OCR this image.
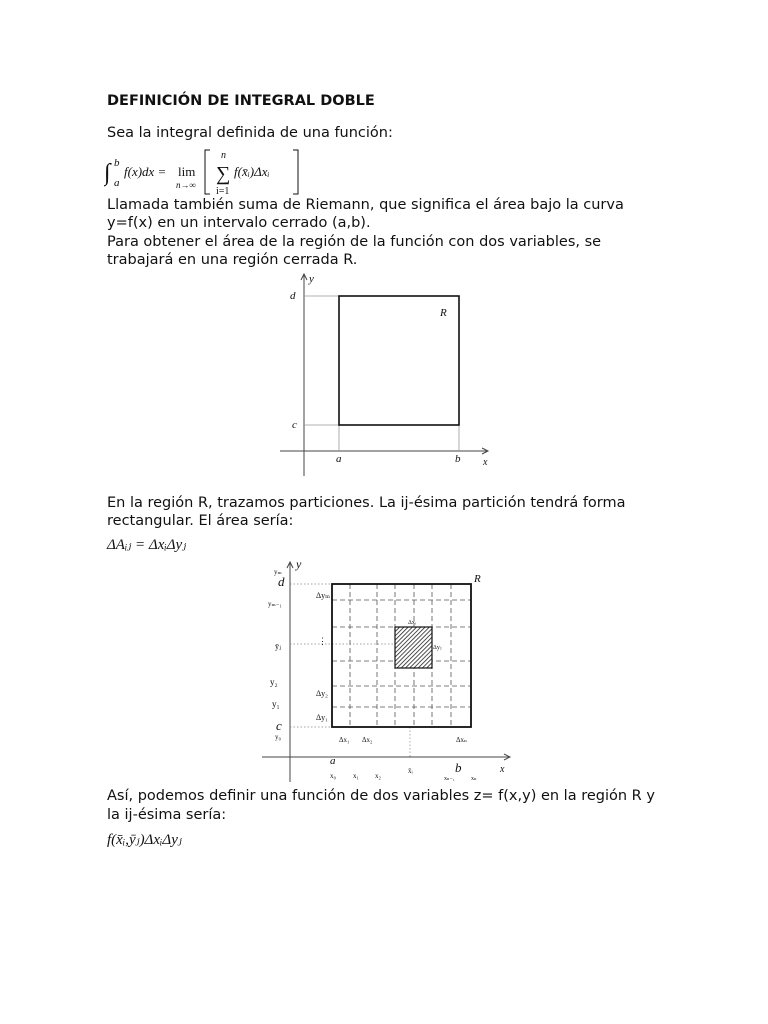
DEFINICIÓN DE INTEGRAL DOBLE
Sea la integral definida de una función:
∫ b
a
f(x)dx = lim
n→∞ ∑
n
i=1
f(x̄ᵢ)Δxᵢ
Llamada también suma de Riemann, que significa el área bajo la curva
y=f(x) en un intervalo cerrado (a,b).
Para obtener el área de la región de la función con dos variables, se
trabajará en una región cerrada R.
y
x
d
c
a	b
R
En la región R, trazamos particiones. La ij-ésima partición tendrá forma
rectangular. El área sería:
ΔAᵢⱼ = ΔxᵢΔyⱼ
y
x
R
yₘ
d
yₘ₋₁
ȳⱼ
y₂
y₁
c
y₀
⋮
Δyₘ
Δy₂
Δy₁
Δyⱼ
Δxᵢ
Δx₁ Δx₂	Δxₙ
a	b
x₀ x₁ x₂
x̄ᵢ
xₙ₋₁	xₙ
Así, podemos definir una función de dos variables z= f(x,y) en la región R y
la ij-ésima sería:
f(x̄ᵢ,ȳⱼ)ΔxᵢΔyⱼ
